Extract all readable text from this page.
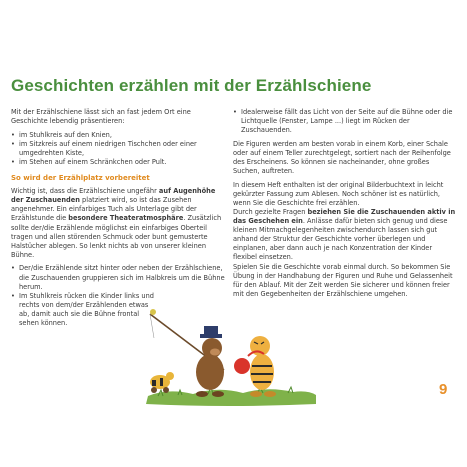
Geschichten erzählen mit der Erzählschiene

Mit der Erzählschiene lässt sich an fast jedem Ort eine Geschichte lebendig präsentieren:

• im Stuhlkreis auf den Knien,
• im Sitzkreis auf einem niedrigen Tischchen oder einer umgedrehten Kiste,
• im Stehen auf einem Schränkchen oder Pult.

So wird der Erzählplatz vorbereitet

Wichtig ist, dass die Erzählschiene ungefähr auf Augenhöhe der Zuschauenden platziert wird, so ist das Zusehen angenehmer. Ein einfarbiges Tuch als Unterlage gibt der Erzählstunde die besondere Theateratmosphäre. Zusätzlich sollte der/die Erzählende möglichst ein einfarbiges Oberteil tragen und allen störenden Schmuck oder bunt gemusterte Halstücher ablegen. So lenkt nichts ab von unserer kleinen Bühne.

• Der/die Erzählende sitzt hinter oder neben der Erzählschiene, die Zuschauenden gruppieren sich im Halbkreis um die Bühne herum.
• Im Stuhlkreis rücken die Kinder links und rechts von dem/der Erzählenden etwas ab, damit auch sie die Bühne frontal sehen können.
• Idealerweise fällt das Licht von der Seite auf die Bühne oder die Lichtquelle (Fenster, Lampe ...) liegt im Rücken der Zuschauenden.

Die Figuren werden am besten vorab in einem Korb, einer Schale oder auf einem Teller zurechtgelegt, sortiert nach der Reihenfolge des Erscheinens. So können sie nacheinander, ohne großes Suchen, auftreten.

In diesem Heft enthalten ist der original Bilderbuchtext in leicht gekürzter Fassung zum Ablesen. Noch schöner ist es natürlich, wenn Sie die Geschichte frei erzählen.

Durch gezielte Fragen beziehen Sie die Zuschauenden aktiv in das Geschehen ein. Anlässe dafür bieten sich genug und diese kleinen Mitmachgelegenheiten zwischendurch lassen sich gut anhand der Struktur der Geschichte vorher überlegen und einplanen, aber dann auch je nach Konzentration der Kinder flexibel einsetzen.

Spielen Sie die Geschichte vorab einmal durch. So bekommen Sie Übung in der Handhabung der Figuren und Ruhe und Gelassenheit für den Ablauf. Mit der Zeit werden Sie sicherer und können freier mit den Gegebenheiten der Erzählschiene umgehen.

9
